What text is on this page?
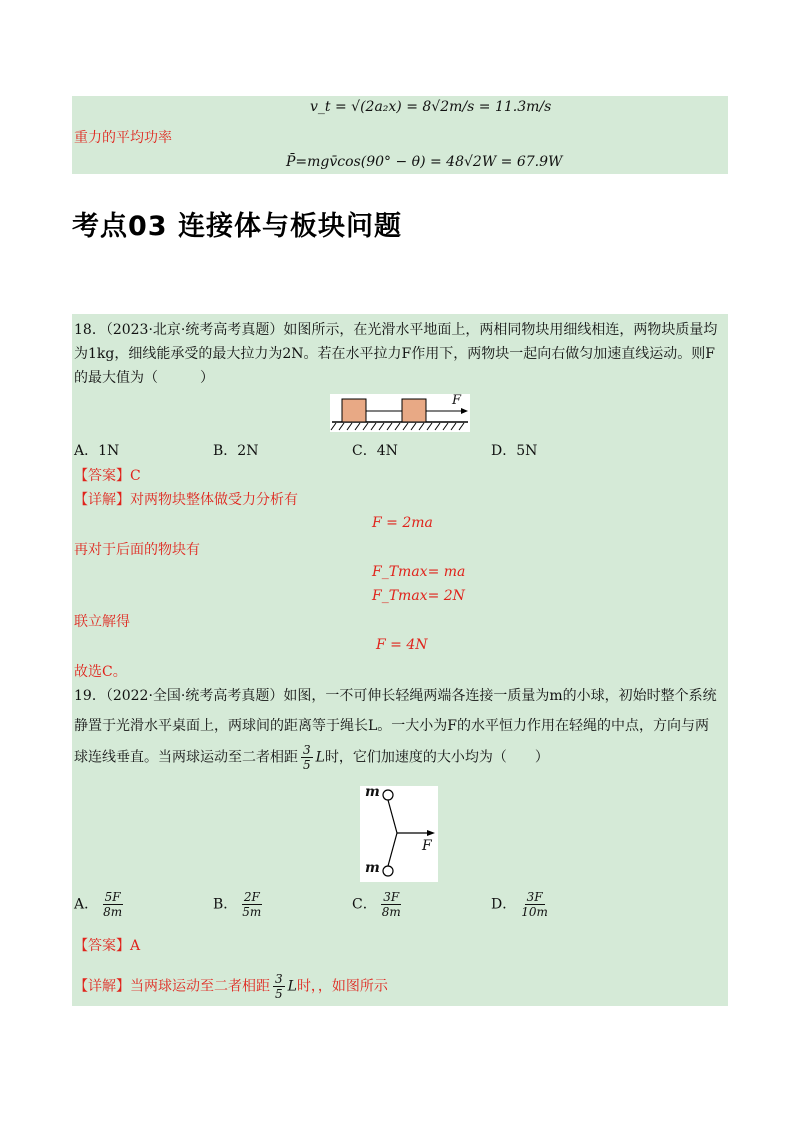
v_t = √(2a₂x) = 8√2m/s = 11.3m/s
重力的平均功率
P̄=mgv̄cos(90° − θ) = 48√2W = 67.9W
考点03 连接体与板块问题
18．（2023·北京·统考高考真题）如图所示，在光滑水平地面上，两相同物块用细线相连，两物块质量均
为1kg，细线能承受的最大拉力为2N。若在水平拉力F作用下，两物块一起向右做匀加速直线运动。则F
的最大值为（　　　）
F
A．1N	B．2N	C．4N	D．5N
【答案】C
【详解】对两物块整体做受力分析有
F = 2ma
再对于后面的物块有
F_Tmax= ma
F_Tmax= 2N
联立解得
F = 4N
故选C。
19．（2022·全国·统考高考真题）如图，一不可伸长轻绳两端各连接一质量为m的小球，初始时整个系统
静置于光滑水平桌面上，两球间的距离等于绳长L。一大小为F的水平恒力作用在轻绳的中点，方向与两
球连线垂直。当两球运动至二者相距 $\frac{3}{5}$ L时，它们加速度的大小均为（　　）
m
m
F
A． $\frac{5F}{8m}$	B． $\frac{2F}{5m}$	C． $\frac{3F}{8m}$	D． $\frac{3F}{10m}$
【答案】A
【详解】当两球运动至二者相距 $\frac{3}{5}$ L时，，如图所示
